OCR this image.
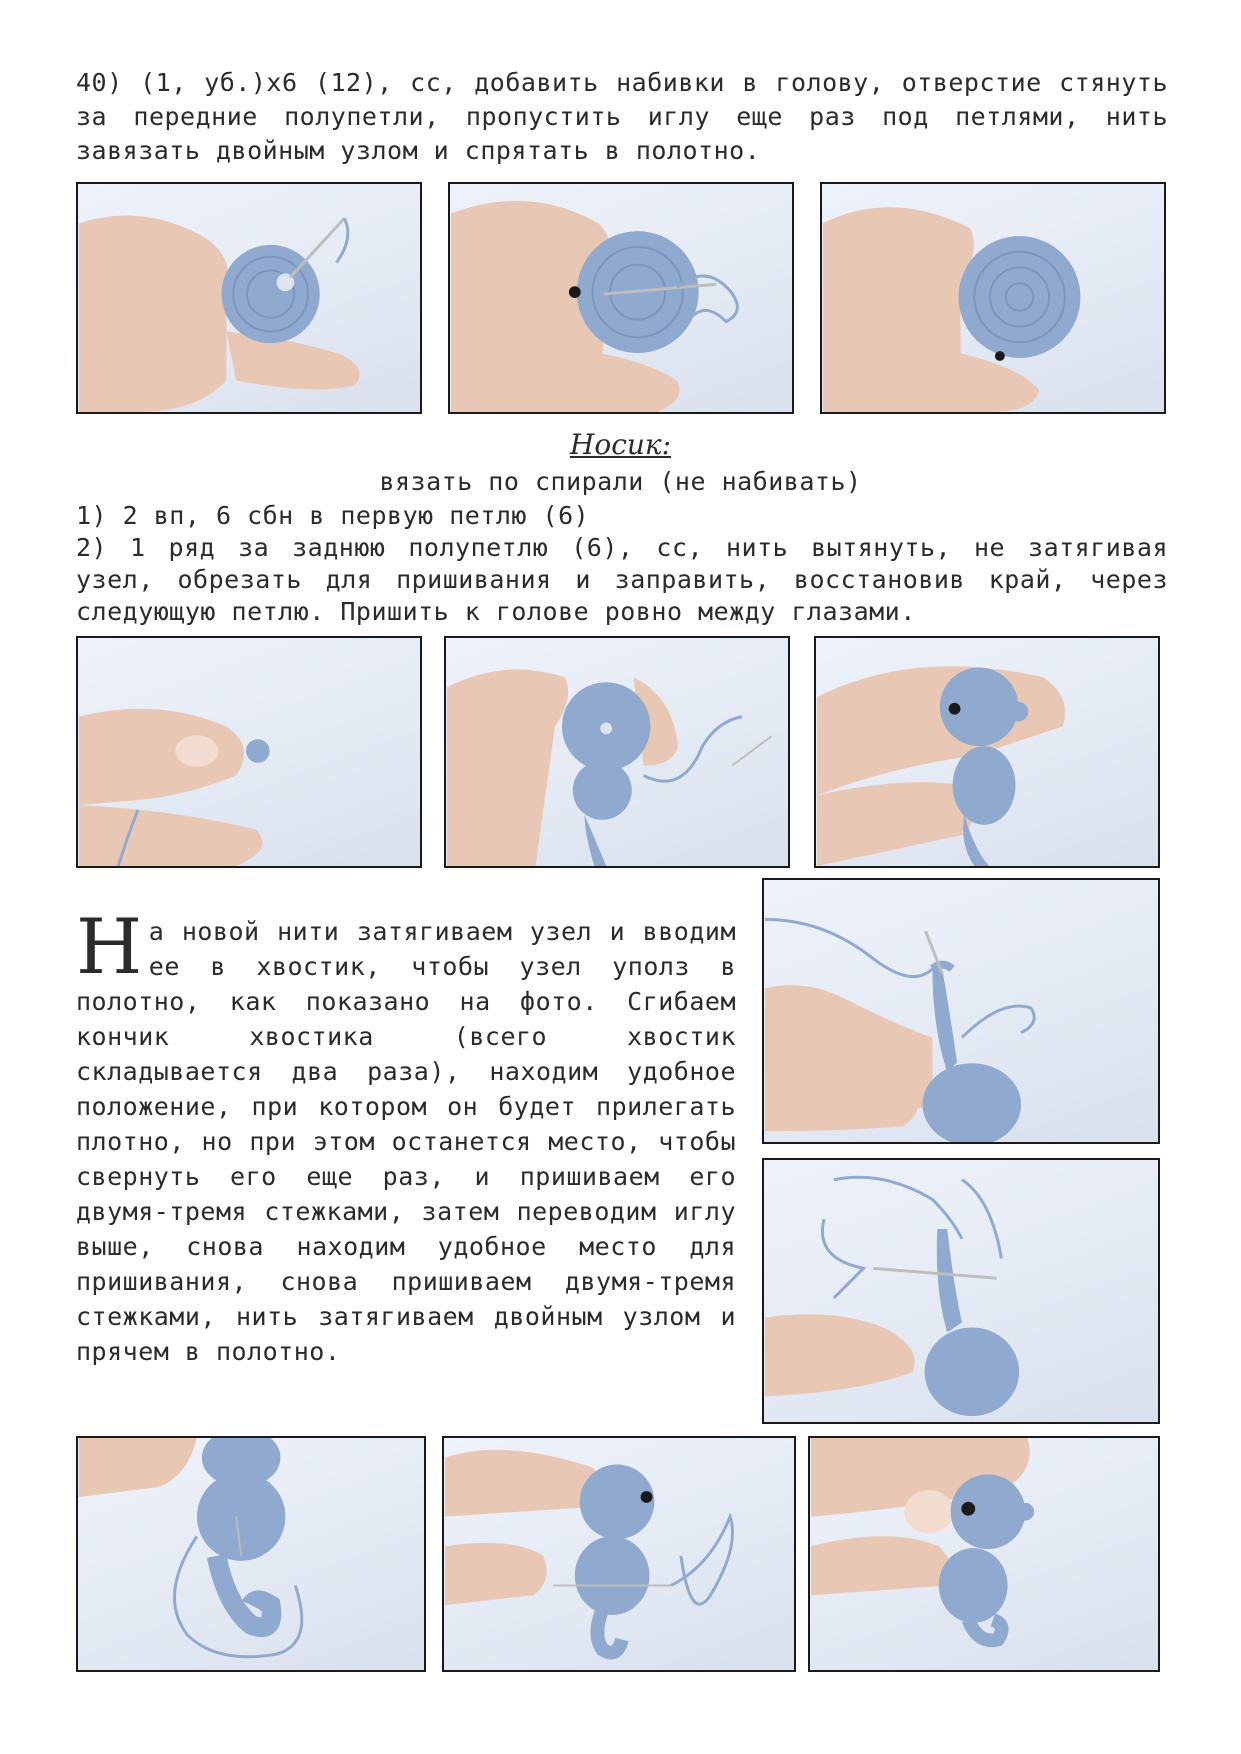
40) (1, уб.)х6 (12), сс, добавить набивки в голову, отверстие стянуть за передние полупетли, пропустить иглу еще раз под петлями, нить завязать двойным узлом и спрятать в полотно.
Носик:
вязать по спирали (не набивать)
1) 2 вп, 6 сбн в первую петлю (6)
2) 1 ряд за заднюю полупетлю (6), сс, нить вытянуть, не затягивая узел, обрезать для пришивания и заправить, восстановив край, через следующую петлю. Пришить к голове ровно между глазами.
Н а новой нити затягиваем узел и вводим ее в хвостик, чтобы узел уполз в полотно, как показано на фото. Сгибаем кончик хвостика (всего хвостик складывается два раза), находим удобное положение, при котором он будет прилегать плотно, но при этом останется место, чтобы свернуть его еще раз, и пришиваем его двумя-тремя стежками, затем переводим иглу выше, снова находим удобное место для пришивания, снова пришиваем двумя-тремя стежками, нить затягиваем двойным узлом и прячем в полотно.
